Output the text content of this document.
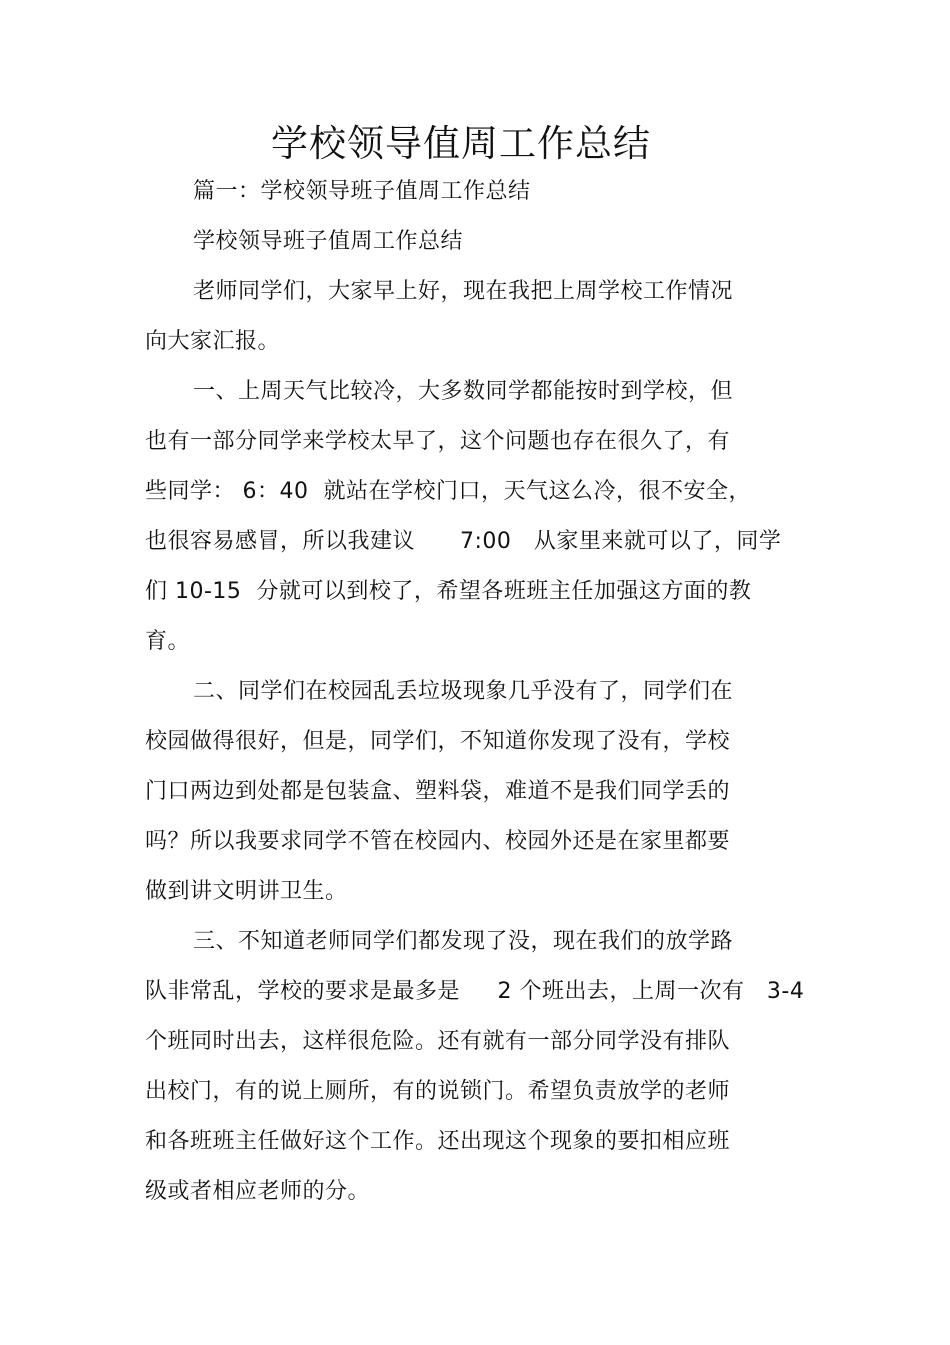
学校领导值周工作总结
篇一：学校领导班子值周工作总结
学校领导班子值周工作总结
老师同学们，大家早上好，现在我把上周学校工作情况
向大家汇报。
一、上周天气比较冷，大多数同学都能按时到学校，但
也有一部分同学来学校太早了，这个问题也存在很久了，有
些同学： 6：40  就站在学校门口，天气这么冷，很不安全，
也很容易感冒，所以我建议      7:00   从家里来就可以了，同学
们 10-15  分就可以到校了，希望各班班主任加强这方面的教
育。
二、同学们在校园乱丢垃圾现象几乎没有了，同学们在
校园做得很好，但是，同学们，不知道你发现了没有，学校
门口两边到处都是包装盒、塑料袋，难道不是我们同学丢的
吗？所以我要求同学不管在校园内、校园外还是在家里都要
做到讲文明讲卫生。
三、不知道老师同学们都发现了没，现在我们的放学路
队非常乱，学校的要求是最多是     2 个班出去，上周一次有   3-4
个班同时出去，这样很危险。还有就有一部分同学没有排队
出校门，有的说上厕所，有的说锁门。希望负责放学的老师
和各班班主任做好这个工作。还出现这个现象的要扣相应班
级或者相应老师的分。
